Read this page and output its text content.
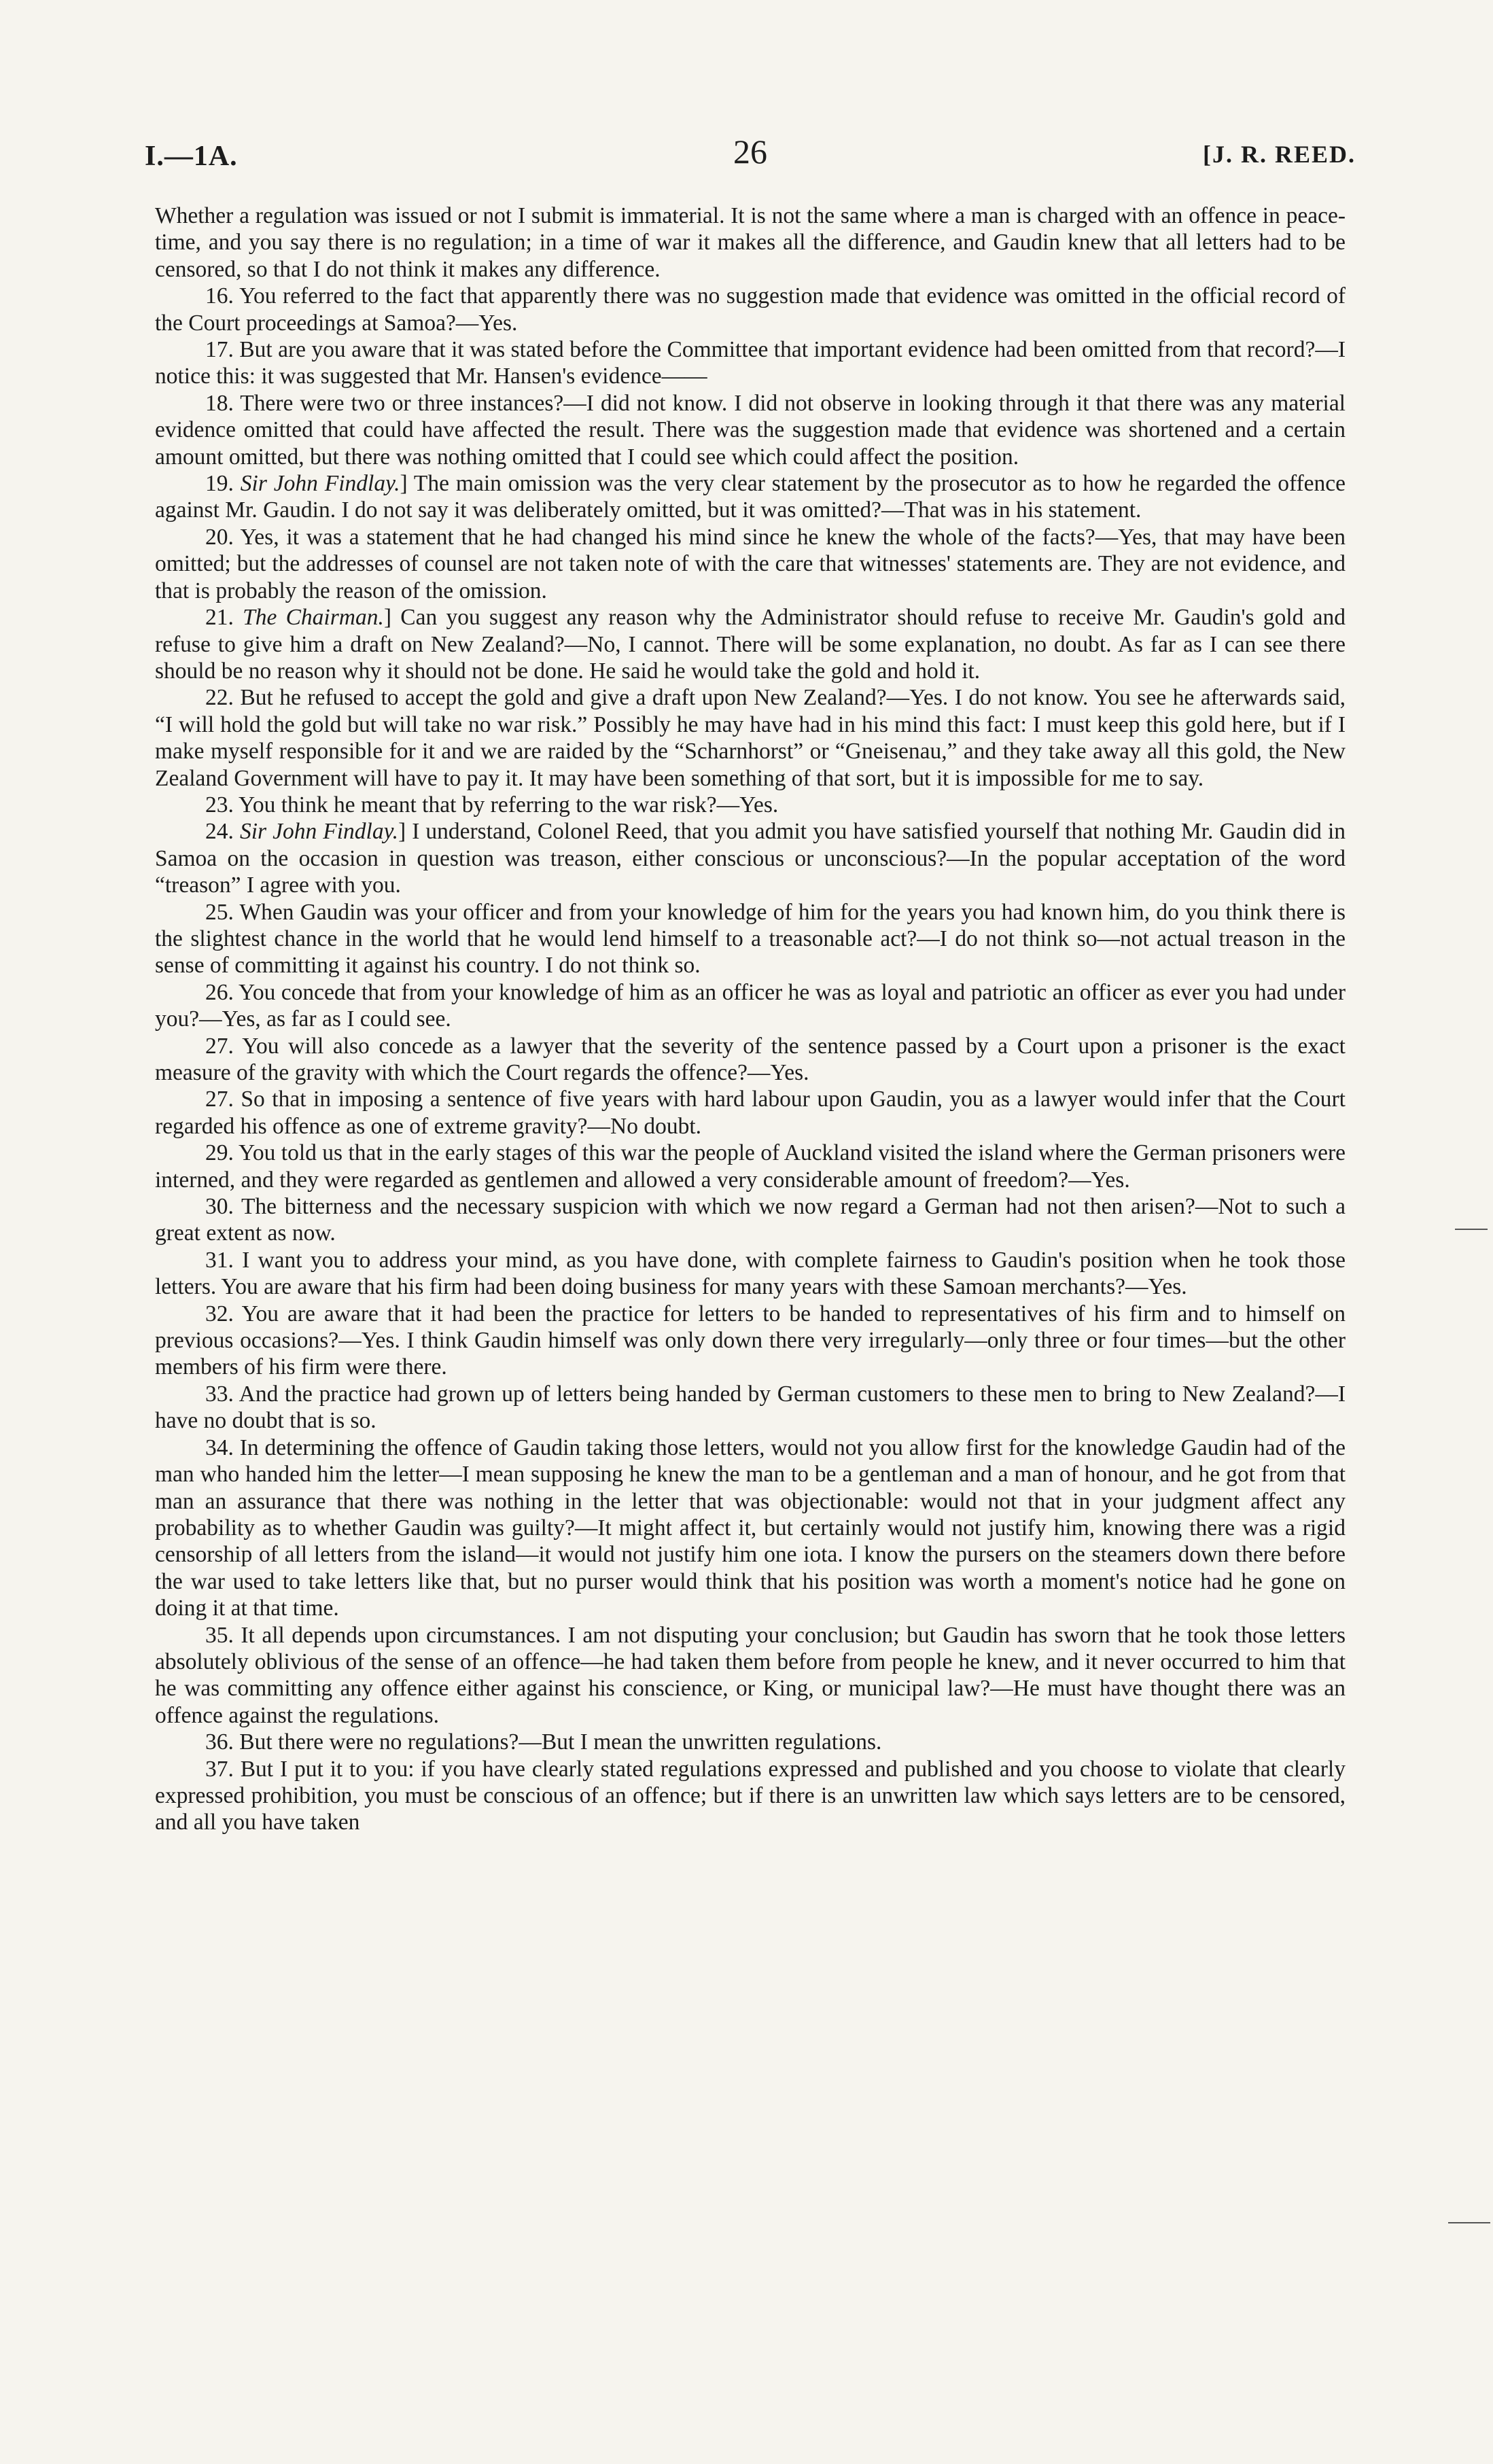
I.—1A.	26	[J. R. REED.

Whether a regulation was issued or not I submit is immaterial. It is not the same where a man is charged with an offence in peace-time, and you say there is no regulation; in a time of war it makes all the difference, and Gaudin knew that all letters had to be censored, so that I do not think it makes any difference.

16. You referred to the fact that apparently there was no suggestion made that evidence was omitted in the official record of the Court proceedings at Samoa?—Yes.

17. But are you aware that it was stated before the Committee that important evidence had been omitted from that record?—I notice this: it was suggested that Mr. Hansen's evidence——

18. There were two or three instances?—I did not know. I did not observe in looking through it that there was any material evidence omitted that could have affected the result. There was the suggestion made that evidence was shortened and a certain amount omitted, but there was nothing omitted that I could see which could affect the position.

19. Sir John Findlay.] The main omission was the very clear statement by the prosecutor as to how he regarded the offence against Mr. Gaudin. I do not say it was deliberately omitted, but it was omitted?—That was in his statement.

20. Yes, it was a statement that he had changed his mind since he knew the whole of the facts?—Yes, that may have been omitted; but the addresses of counsel are not taken note of with the care that witnesses' statements are. They are not evidence, and that is probably the reason of the omission.

21. The Chairman.] Can you suggest any reason why the Administrator should refuse to receive Mr. Gaudin's gold and refuse to give him a draft on New Zealand?—No, I cannot. There will be some explanation, no doubt. As far as I can see there should be no reason why it should not be done. He said he would take the gold and hold it.

22. But he refused to accept the gold and give a draft upon New Zealand?—Yes. I do not know. You see he afterwards said, “I will hold the gold but will take no war risk.” Possibly he may have had in his mind this fact: I must keep this gold here, but if I make myself responsible for it and we are raided by the “Scharnhorst” or “Gneisenau,” and they take away all this gold, the New Zealand Government will have to pay it. It may have been something of that sort, but it is impossible for me to say.

23. You think he meant that by referring to the war risk?—Yes.

24. Sir John Findlay.] I understand, Colonel Reed, that you admit you have satisfied yourself that nothing Mr. Gaudin did in Samoa on the occasion in question was treason, either conscious or unconscious?—In the popular acceptation of the word “treason” I agree with you.

25. When Gaudin was your officer and from your knowledge of him for the years you had known him, do you think there is the slightest chance in the world that he would lend himself to a treasonable act?—I do not think so—not actual treason in the sense of committing it against his country. I do not think so.

26. You concede that from your knowledge of him as an officer he was as loyal and patriotic an officer as ever you had under you?—Yes, as far as I could see.

27. You will also concede as a lawyer that the severity of the sentence passed by a Court upon a prisoner is the exact measure of the gravity with which the Court regards the offence?—Yes.

27. So that in imposing a sentence of five years with hard labour upon Gaudin, you as a lawyer would infer that the Court regarded his offence as one of extreme gravity?—No doubt.

29. You told us that in the early stages of this war the people of Auckland visited the island where the German prisoners were interned, and they were regarded as gentlemen and allowed a very considerable amount of freedom?—Yes.

30. The bitterness and the necessary suspicion with which we now regard a German had not then arisen?—Not to such a great extent as now.

31. I want you to address your mind, as you have done, with complete fairness to Gaudin's position when he took those letters. You are aware that his firm had been doing business for many years with these Samoan merchants?—Yes.

32. You are aware that it had been the practice for letters to be handed to representatives of his firm and to himself on previous occasions?—Yes. I think Gaudin himself was only down there very irregularly—only three or four times—but the other members of his firm were there.

33. And the practice had grown up of letters being handed by German customers to these men to bring to New Zealand?—I have no doubt that is so.

34. In determining the offence of Gaudin taking those letters, would not you allow first for the knowledge Gaudin had of the man who handed him the letter—I mean supposing he knew the man to be a gentleman and a man of honour, and he got from that man an assurance that there was nothing in the letter that was objectionable: would not that in your judgment affect any probability as to whether Gaudin was guilty?—It might affect it, but certainly would not justify him, knowing there was a rigid censorship of all letters from the island—it would not justify him one iota. I know the pursers on the steamers down there before the war used to take letters like that, but no purser would think that his position was worth a moment's notice had he gone on doing it at that time.

35. It all depends upon circumstances. I am not disputing your conclusion; but Gaudin has sworn that he took those letters absolutely oblivious of the sense of an offence—he had taken them before from people he knew, and it never occurred to him that he was committing any offence either against his conscience, or King, or municipal law?—He must have thought there was an offence against the regulations.

36. But there were no regulations?—But I mean the unwritten regulations.

37. But I put it to you: if you have clearly stated regulations expressed and published and you choose to violate that clearly expressed prohibition, you must be conscious of an offence; but if there is an unwritten law which says letters are to be censored, and all you have taken
